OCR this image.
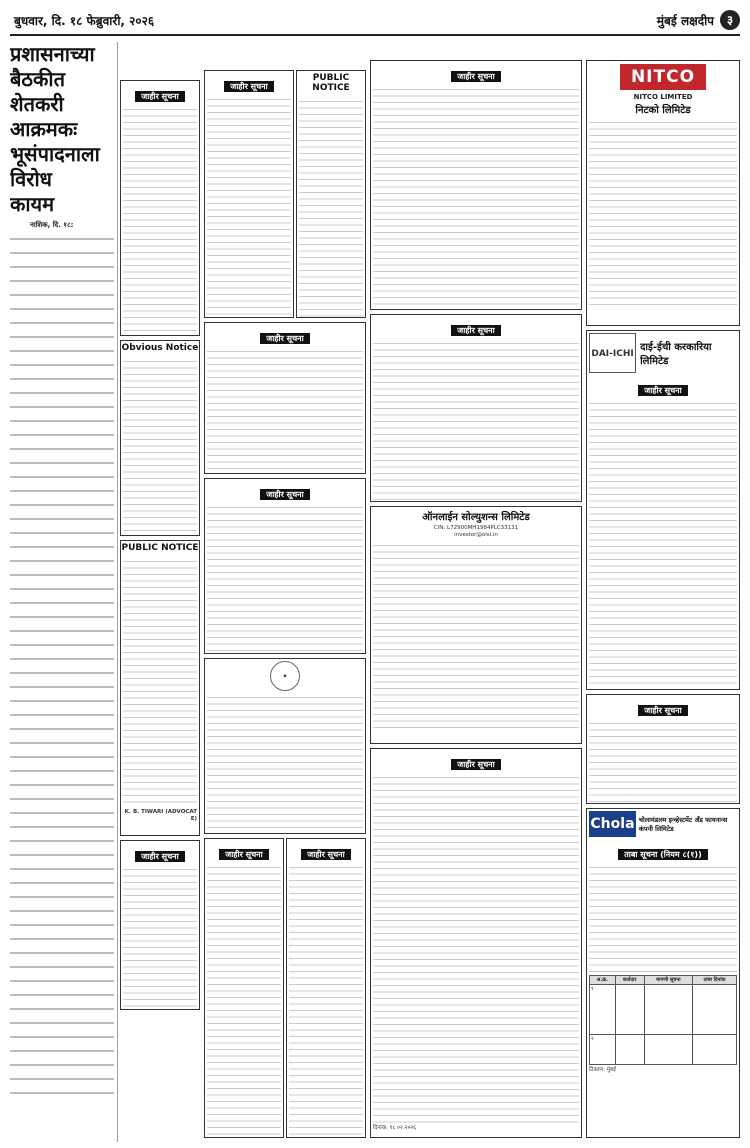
बुधवार, दि. १८ फेब्रुवारी, २०२६	मुंबई लक्षदीप	३
प्रशासनाच्या
बैठकीत
शेतकरी
आक्रमकः
भूसंपादनाला
विरोध
कायम
नाशिक, दि. १८:
जाहीर सूचना
Obvious Notice
PUBLIC NOTICE
K. B. TIWARI (ADVOCATE)
जाहीर सूचना
जाहीर सूचना
PUBLIC NOTICE
जाहीर सूचना
जाहीर सूचना
✦
जाहीर सूचना	जाहीर सूचना
जाहीर सूचना
जाहीर सूचना
ऑनलाईन सोल्युशन्स लिमिटेड
CIN: L72900MH1984PLC33131
investor@olsl.in
जाहीर सूचना
दिनांक: १८.०२.२०२६
NITCO
NITCO LIMITED
निटको लिमिटेड
DAI-ICHI
दाई-ईची करकारिया लिमिटेड
जाहीर सूचना
जाहीर सूचना
Chola चोलामंडलम इन्व्हेस्टमेंट अँड फायनान्स कंपनी लिमिटेड
ताबा सूचना (नियम ८(१))
अ.क्र.	कर्जदार	मागणी सूचना	ताबा दिनांक
१			
२			
ठिकाण: मुंबई
